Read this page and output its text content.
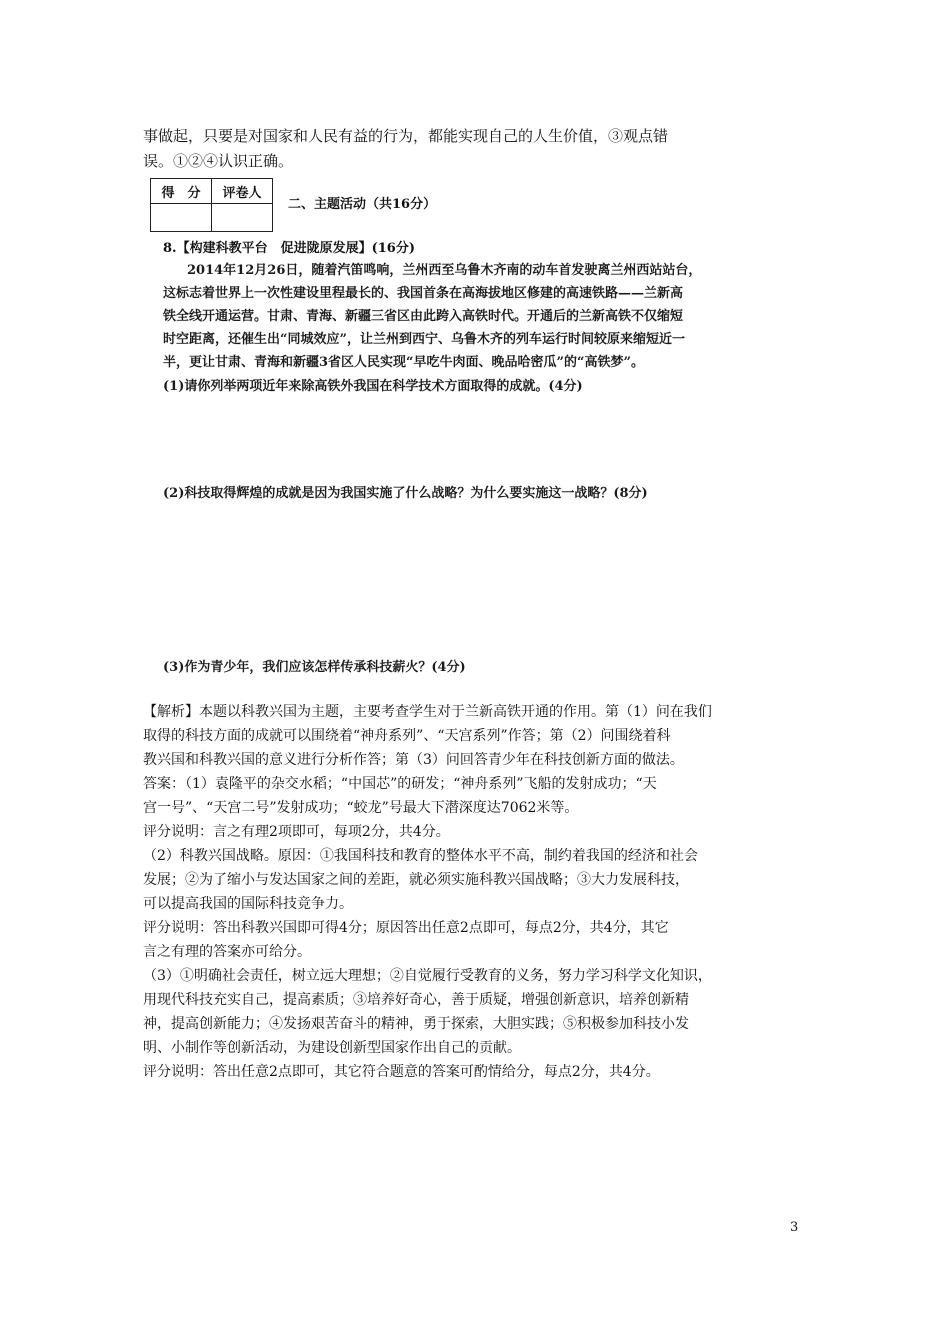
事做起，只要是对国家和人民有益的行为，都能实现自己的人生价值，③观点错
误。①②④认识正确。
得　分	评卷人

二、主题活动（共16分）
8.【构建科教平台　促进陇原发展】(16分)
2014年12月26日，随着汽笛鸣响，兰州西至乌鲁木齐南的动车首发驶离兰州西站站台，
这标志着世界上一次性建设里程最长的、我国首条在高海拔地区修建的高速铁路——兰新高
铁全线开通运营。甘肃、青海、新疆三省区由此跨入高铁时代。开通后的兰新高铁不仅缩短
时空距离，还催生出“同城效应”，让兰州到西宁、乌鲁木齐的列车运行时间较原来缩短近一
半，更让甘肃、青海和新疆3省区人民实现“早吃牛肉面、晚品哈密瓜”的“高铁梦”。
(1)请你列举两项近年来除高铁外我国在科学技术方面取得的成就。(4分)
(2)科技取得辉煌的成就是因为我国实施了什么战略？为什么要实施这一战略？(8分)
(3)作为青少年，我们应该怎样传承科技薪火？(4分)
【解析】本题以科教兴国为主题，主要考查学生对于兰新高铁开通的作用。第（1）问在我们
取得的科技方面的成就可以围绕着“神舟系列”、“天宫系列”作答；第（2）问围绕着科
教兴国和科教兴国的意义进行分析作答；第（3）问回答青少年在科技创新方面的做法。
答案：（1）袁隆平的杂交水稻；“中国芯”的研发；“神舟系列”飞船的发射成功；“天
宫一号”、“天宫二号”发射成功；“蛟龙”号最大下潜深度达7062米等。
评分说明：言之有理2项即可，每项2分，共4分。
（2）科教兴国战略。原因：①我国科技和教育的整体水平不高，制约着我国的经济和社会
发展；②为了缩小与发达国家之间的差距，就必须实施科教兴国战略；③大力发展科技，
可以提高我国的国际科技竞争力。
评分说明：答出科教兴国即可得4分；原因答出任意2点即可，每点2分，共4分，其它
言之有理的答案亦可给分。
（3）①明确社会责任，树立远大理想；②自觉履行受教育的义务，努力学习科学文化知识，
用现代科技充实自己，提高素质；③培养好奇心，善于质疑，增强创新意识，培养创新精
神，提高创新能力；④发扬艰苦奋斗的精神，勇于探索，大胆实践；⑤积极参加科技小发
明、小制作等创新活动，为建设创新型国家作出自己的贡献。
评分说明：答出任意2点即可，其它符合题意的答案可酌情给分，每点2分，共4分。
3
